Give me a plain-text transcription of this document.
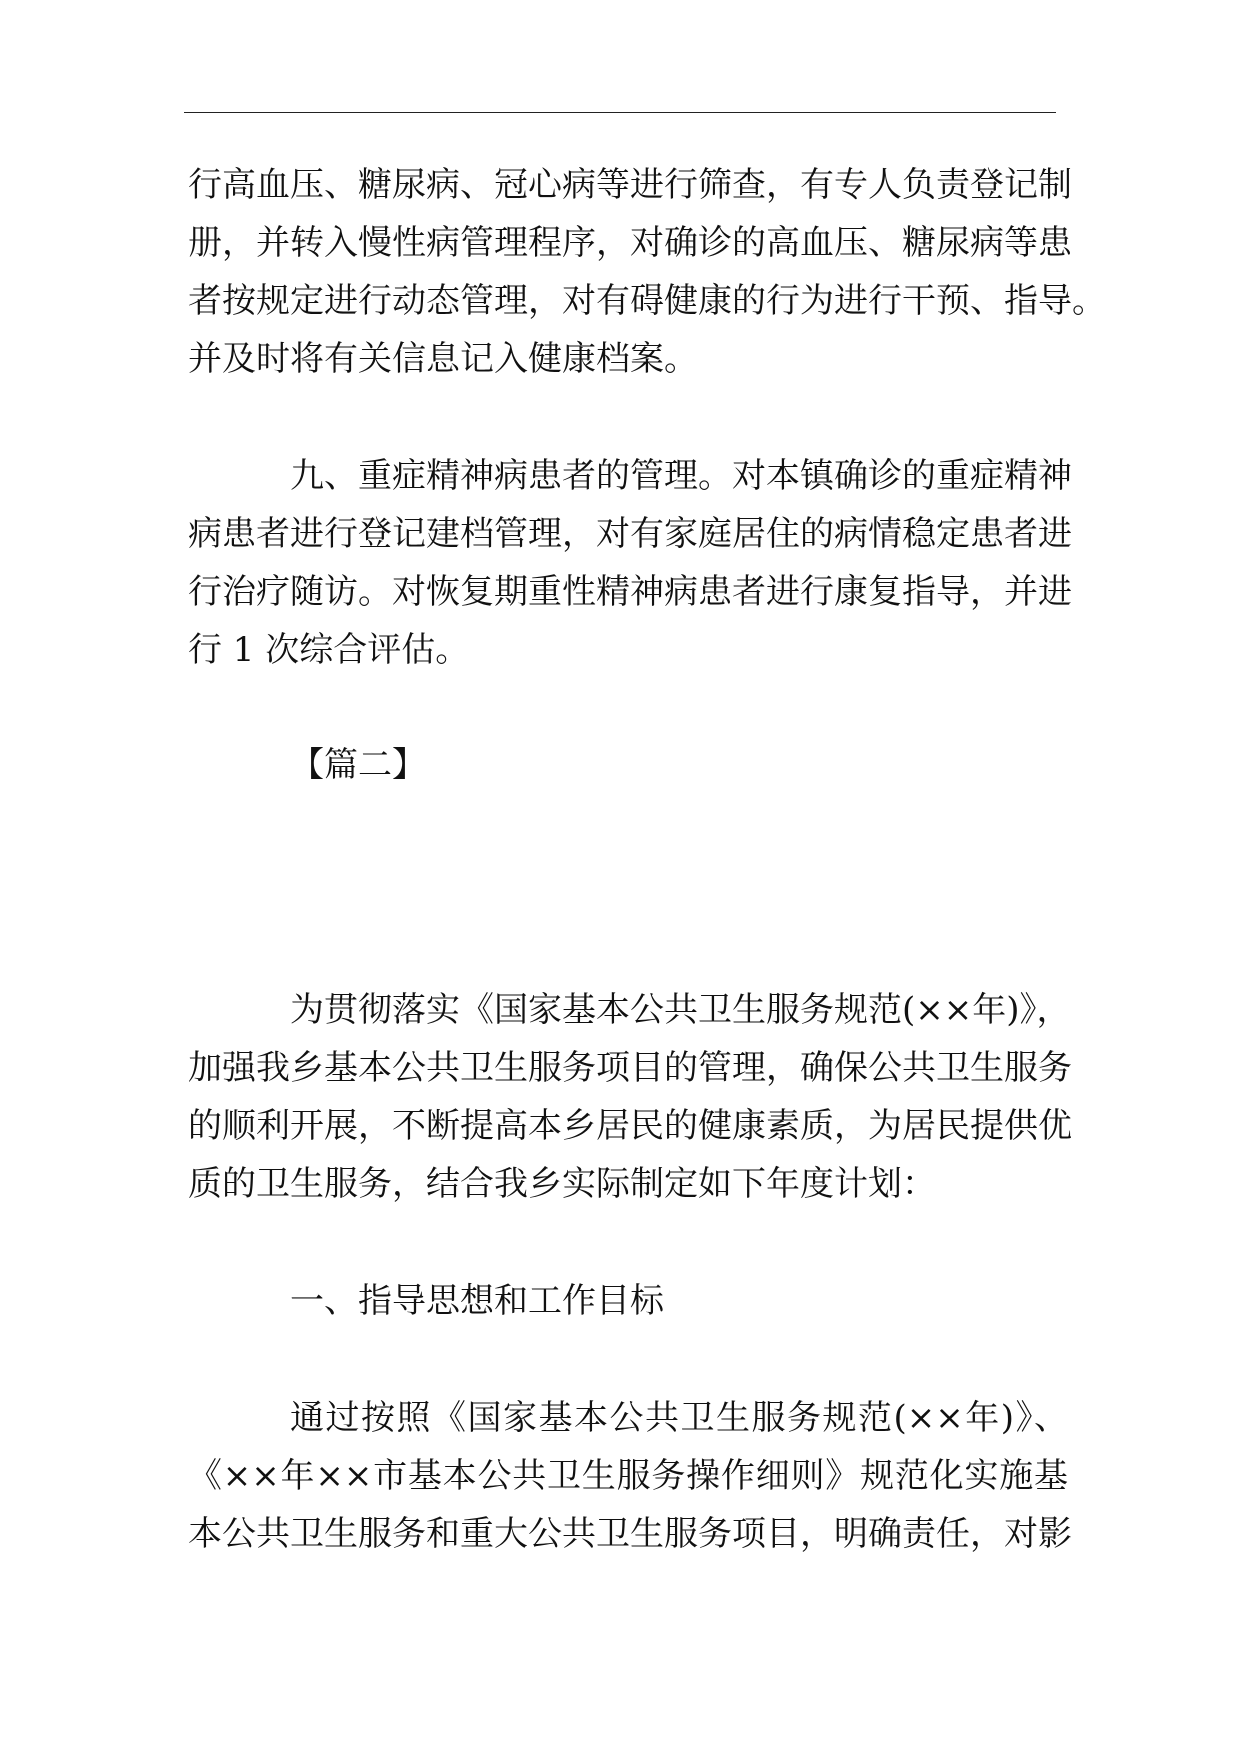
行高血压、糖尿病、冠心病等进行筛查，有专人负责登记制

册，并转入慢性病管理程序，对确诊的高血压、糖尿病等患

者按规定进行动态管理，对有碍健康的行为进行干预、指导。

并及时将有关信息记入健康档案。

九、重症精神病患者的管理。对本镇确诊的重症精神

病患者进行登记建档管理，对有家庭居住的病情稳定患者进

行治疗随访。对恢复期重性精神病患者进行康复指导，并进

行 1 次综合评估。

【篇二】

为贯彻落实《国家基本公共卫生服务规范(××年)》，

加强我乡基本公共卫生服务项目的管理，确保公共卫生服务

的顺利开展，不断提高本乡居民的健康素质，为居民提供优

质的卫生服务，结合我乡实际制定如下年度计划：

一、指导思想和工作目标

通过按照《国家基本公共卫生服务规范(××年)》、

《××年××市基本公共卫生服务操作细则》规范化实施基

本公共卫生服务和重大公共卫生服务项目，明确责任，对影
